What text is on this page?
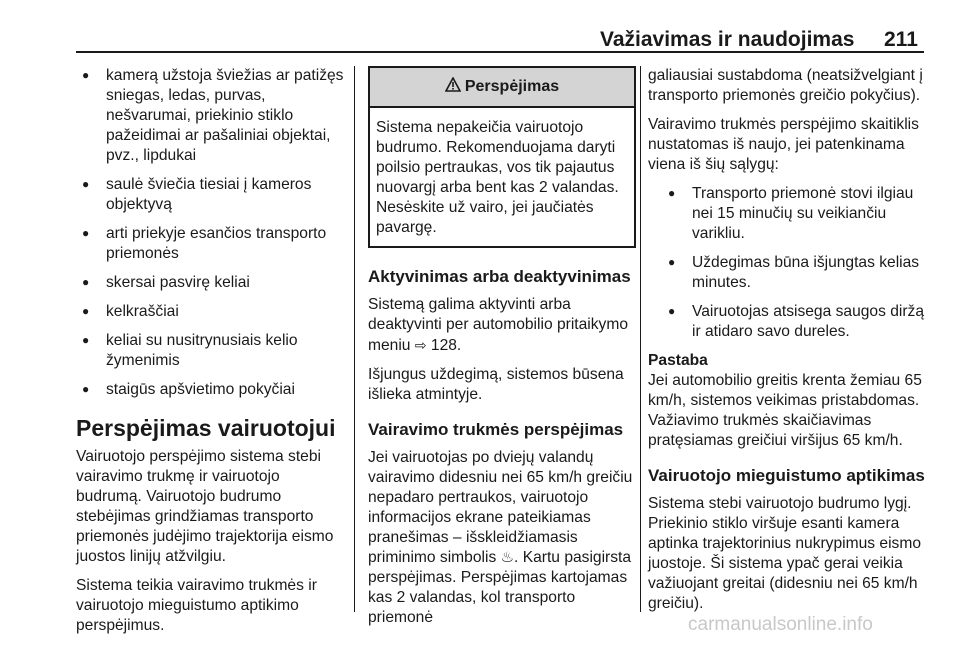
Važiavimas ir naudojimas 211
● kamerą užstoja šviežias ar patižęs sniegas, ledas, purvas, nešvarumai, priekinio stiklo pažeidimai ar pašaliniai objektai, pvz., lipdukai
● saulė šviečia tiesiai į kameros objektyvą
● arti priekyje esančios transporto priemonės
● skersai pasvirę keliai
● kelkraščiai
● keliai su nusitrynusiais kelio žymenimis
● staigūs apšvietimo pokyčiai
Perspėjimas vairuotojui

Vairuotojo perspėjimo sistema stebi vairavimo trukmę ir vairuotojo budrumą. Vairuotojo budrumo stebėjimas grindžiamas transporto priemonės judėjimo trajektorija eismo juostos linijų atžvilgiu.

Sistema teikia vairavimo trukmės ir vairuotojo mieguistumo aptikimo perspėjimus.

Perspėjimas
Sistema nepakeičia vairuotojo budrumo. Rekomenduojama daryti poilsio pertraukas, vos tik pajautus nuovargį arba bent kas 2 valandas. Nesėskite už vairo, jei jaučiatės pavargę.
Aktyvinimas arba deaktyvinimas

Sistemą galima aktyvinti arba deaktyvinti per automobilio pritaikymo meniu ⇨ 128.

Išjungus uždegimą, sistemos būsena išlieka atmintyje.

Vairavimo trukmės perspėjimas

Jei vairuotojas po dviejų valandų vairavimo didesniu nei 65 km/h greičiu nepadaro pertraukos, vairuotojo informacijos ekrane pateikiamas pranešimas – išskleidžiamasis priminimo simbolis ♨. Kartu pasigirsta perspėjimas. Perspėjimas kartojamas kas 2 valandas, kol transporto priemonė

galiausiai sustabdoma (neatsižvelgiant į transporto priemonės greičio pokyčius).

Vairavimo trukmės perspėjimo skaitiklis nustatomas iš naujo, jei patenkinama viena iš šių sąlygų:

● Transporto priemonė stovi ilgiau nei 15 minučių su veikiančiu varikliu.
● Uždegimas būna išjungtas kelias minutes.
● Vairuotojas atsisega saugos diržą ir atidaro savo dureles.
Pastaba
Jei automobilio greitis krenta žemiau 65 km/h, sistemos veikimas pristabdomas. Važiavimo trukmės skaičiavimas pratęsiamas greičiui viršijus 65 km/h.
Vairuotojo mieguistumo aptikimas

Sistema stebi vairuotojo budrumo lygį. Priekinio stiklo viršuje esanti kamera aptinka trajektorinius nukrypimus eismo juostoje. Ši sistema ypač gerai veikia važiuojant greitai (didesniu nei 65 km/h greičiu).

carmanualsonline.info
